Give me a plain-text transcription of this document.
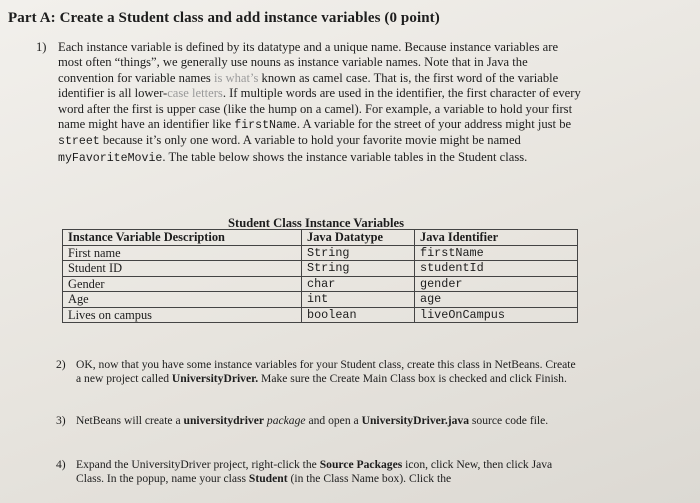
Part A: Create a Student class and add instance variables (0 point)
1) Each instance variable is defined by its datatype and a unique name. Because instance variables are most often “things”, we generally use nouns as instance variable names. Note that in Java the convention for variable names is what’s known as camel case. That is, the first word of the variable identifier is all lower-case letters. If multiple words are used in the identifier, the first character of every word after the first is upper case (like the hump on a camel). For example, a variable to hold your first name might have an identifier like firstName. A variable for the street of your address might just be street because it’s only one word. A variable to hold your favorite movie might be named myFavoriteMovie. The table below shows the instance variable tables in the Student class.
Student Class Instance Variables
Instance Variable Description	Java Datatype	Java Identifier
First name	String	firstName
Student ID	String	studentId
Gender	char	gender
Age	int	age
Lives on campus	boolean	liveOnCampus
2) OK, now that you have some instance variables for your Student class, create this class in NetBeans. Create a new project called UniversityDriver. Make sure the Create Main Class box is checked and click Finish.
3) NetBeans will create a universitydriver package and open a UniversityDriver.java source code file.
4) Expand the UniversityDriver project, right-click the Source Packages icon, click New, then click Java Class. In the popup, name your class Student (in the Class Name box). Click the
